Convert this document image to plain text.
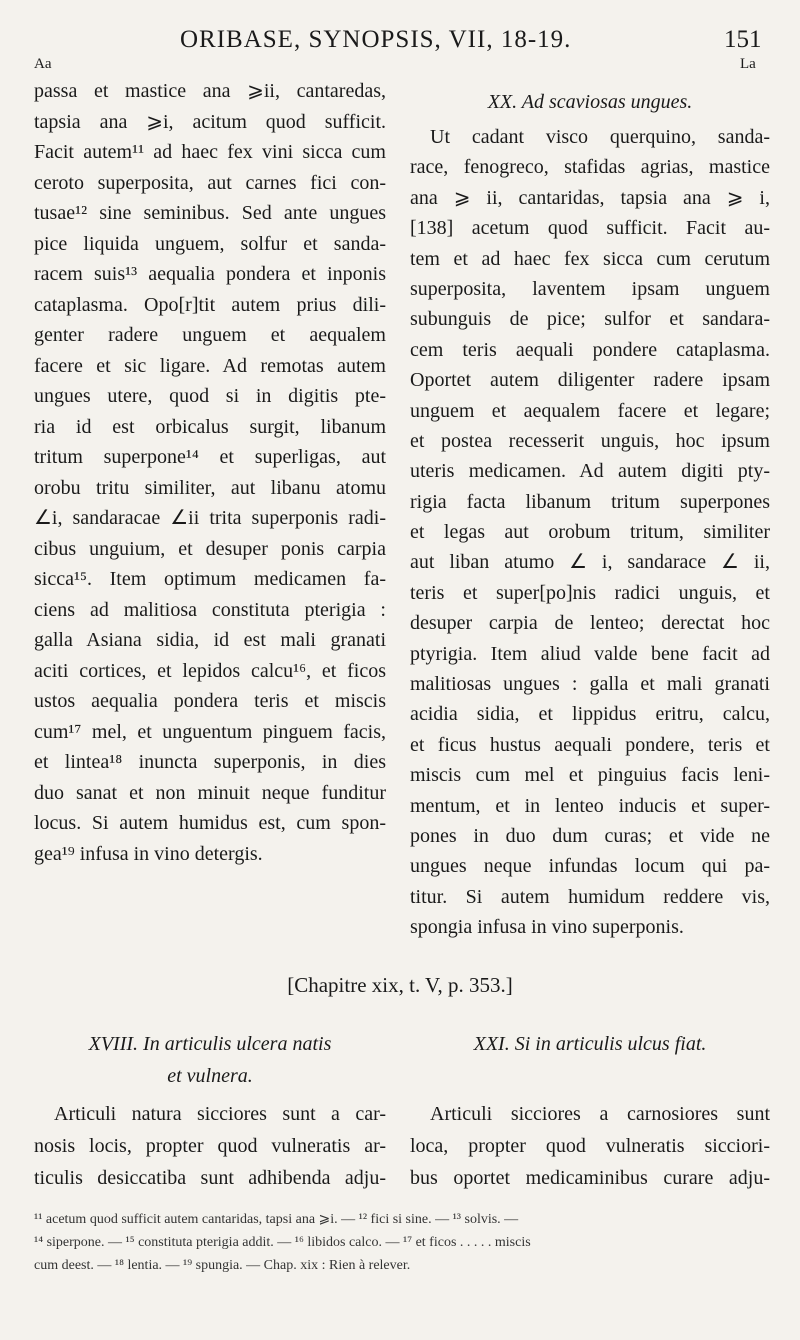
ORIBASE, SYNOPSIS, VII, 18-19.	151
Aa	La
passa et mastice ana ⩾ii, cantaredas,
tapsia ana ⩾i, acitum quod sufficit.
Facit autem¹¹ ad haec fex vini sicca cum
ceroto superposita, aut carnes fici con-
tusae¹² sine seminibus. Sed ante ungues
pice liquida unguem, solfur et sanda-
racem suis¹³ aequalia pondera et inponis
cataplasma. Opo[r]tit autem prius dili-
genter radere unguem et aequalem
facere et sic ligare. Ad remotas autem
ungues utere, quod si in digitis pte-
ria id est orbicalus surgit, libanum
tritum superpone¹⁴ et superligas, aut
orobu tritu similiter, aut libanu atomu
∠i, sandaracae ∠ii trita superponis radi-
cibus unguium, et desuper ponis carpia
sicca¹⁵. Item optimum medicamen fa-
ciens ad malitiosa constituta pterigia :
galla Asiana sidia, id est mali granati
aciti cortices, et lepidos calcu¹⁶, et ficos
ustos aequalia pondera teris et miscis
cum¹⁷ mel, et unguentum pinguem facis,
et lintea¹⁸ inuncta superponis, in dies
duo sanat et non minuit neque funditur
locus. Si autem humidus est, cum spon-
gea¹⁹ infusa in vino detergis.
XX. Ad scaviosas ungues.
Ut cadant visco querquino, sanda-
race, fenogreco, stafidas agrias, mastice
ana ⩾ ii, cantaridas, tapsia ana ⩾ i,
[138] acetum quod sufficit. Facit au-
tem et ad haec fex sicca cum cerutum
superposita, laventem ipsam unguem
subunguis de pice; sulfor et sandara-
cem teris aequali pondere cataplasma.
Oportet autem diligenter radere ipsam
unguem et aequalem facere et legare;
et postea recesserit unguis, hoc ipsum
uteris medicamen. Ad autem digiti pty-
rigia facta libanum tritum superpones
et legas aut orobum tritum, similiter
aut liban atumo ∠ i, sandarace ∠ ii,
teris et super[po]nis radici unguis, et
desuper carpia de lenteo; derectat hoc
ptyrigia. Item aliud valde bene facit ad
malitiosas ungues : galla et mali granati
acidia sidia, et lippidus eritru, calcu,
et ficus hustus aequali pondere, teris et
miscis cum mel et pinguius facis leni-
mentum, et in lenteo inducis et super-
pones in duo dum curas; et vide ne
ungues neque infundas locum qui pa-
titur. Si autem humidum reddere vis,
spongia infusa in vino superponis.
[Chapitre xix, t. V, p. 353.]
XVIII. In articulis ulcera natis
et vulnera.
Articuli natura sicciores sunt a car-
nosis locis, propter quod vulneratis ar-
ticulis desiccatiba sunt adhibenda adju-
XXI. Si in articulis ulcus fiat.
Articuli sicciores a carnosiores sunt
loca, propter quod vulneratis sicciori-
bus oportet medicaminibus curare adju-
¹¹ acetum quod sufficit autem cantaridas, tapsi ana ⩾i. — ¹² fici si sine. — ¹³ solvis. —
¹⁴ siperpone. — ¹⁵ constituta pterigia addit. — ¹⁶ libidos calco. — ¹⁷ et ficos . . . . . miscis
cum deest. — ¹⁸ lentia. — ¹⁹ spungia. — Chap. xix : Rien à relever.
